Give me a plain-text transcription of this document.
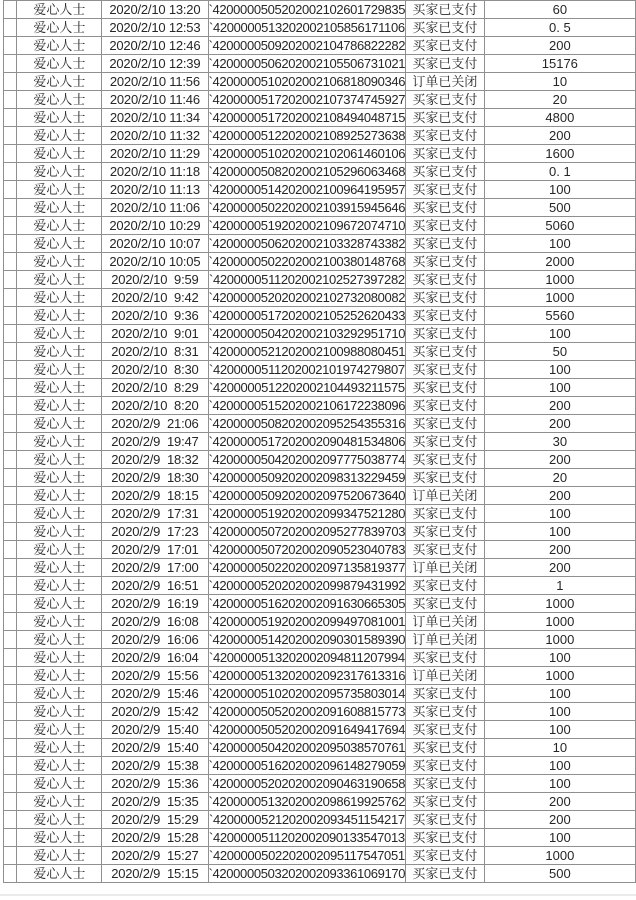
	爱心人士	2020/2/10 13:20	`4200000505202002102601729835	买家已支付	60
	爱心人士	2020/2/10 12:53	`4200000513202002105856171106	买家已支付	0. 5
	爱心人士	2020/2/10 12:46	`4200000509202002104786822282	买家已支付	200
	爱心人士	2020/2/10 12:39	`4200000506202002105506731021	买家已支付	15176
	爱心人士	2020/2/10 11:56	`4200000510202002106818090346	订单已关闭	10
	爱心人士	2020/2/10 11:46	`4200000517202002107374745927	买家已支付	20
	爱心人士	2020/2/10 11:34	`4200000517202002108494048715	买家已支付	4800
	爱心人士	2020/2/10 11:32	`4200000512202002108925273638	买家已支付	200
	爱心人士	2020/2/10 11:29	`4200000510202002102061460106	买家已支付	1600
	爱心人士	2020/2/10 11:18	`4200000508202002105296063468	买家已支付	0. 1
	爱心人士	2020/2/10 11:13	`4200000514202002100964195957	买家已支付	100
	爱心人士	2020/2/10 11:06	`4200000502202002103915945646	买家已支付	500
	爱心人士	2020/2/10 10:29	`4200000519202002109672074710	买家已支付	5060
	爱心人士	2020/2/10 10:07	`4200000506202002103328743382	买家已支付	100
	爱心人士	2020/2/10 10:05	`4200000502202002100380148768	买家已支付	2000
	爱心人士	2020/2/10  9:59	`4200000511202002102527397282	买家已支付	1000
	爱心人士	2020/2/10  9:42	`4200000520202002102732080082	买家已支付	1000
	爱心人士	2020/2/10  9:36	`4200000517202002105252620433	买家已支付	5560
	爱心人士	2020/2/10  9:01	`4200000504202002103292951710	买家已支付	100
	爱心人士	2020/2/10  8:31	`4200000521202002100988080451	买家已支付	50
	爱心人士	2020/2/10  8:30	`4200000511202002101974279807	买家已支付	100
	爱心人士	2020/2/10  8:29	`4200000512202002104493211575	买家已支付	100
	爱心人士	2020/2/10  8:20	`4200000515202002106172238096	买家已支付	200
	爱心人士	2020/2/9  21:06	`4200000508202002095254355316	买家已支付	200
	爱心人士	2020/2/9  19:47	`4200000517202002090481534806	买家已支付	30
	爱心人士	2020/2/9  18:32	`4200000504202002097775038774	买家已支付	200
	爱心人士	2020/2/9  18:30	`4200000509202002098313229459	买家已支付	20
	爱心人士	2020/2/9  18:15	`4200000509202002097520673640	订单已关闭	200
	爱心人士	2020/2/9  17:31	`4200000519202002099347521280	买家已支付	100
	爱心人士	2020/2/9  17:23	`4200000507202002095277839703	买家已支付	100
	爱心人士	2020/2/9  17:01	`4200000507202002090523040783	买家已支付	200
	爱心人士	2020/2/9  17:00	`4200000502202002097135819377	订单已关闭	200
	爱心人士	2020/2/9  16:51	`4200000520202002099879431992	买家已支付	1
	爱心人士	2020/2/9  16:19	`4200000516202002091630665305	买家已支付	1000
	爱心人士	2020/2/9  16:08	`4200000519202002099497081001	订单已关闭	1000
	爱心人士	2020/2/9  16:06	`4200000514202002090301589390	订单已关闭	1000
	爱心人士	2020/2/9  16:04	`4200000513202002094811207994	买家已支付	100
	爱心人士	2020/2/9  15:56	`4200000513202002092317613316	订单已关闭	1000
	爱心人士	2020/2/9  15:46	`4200000510202002095735803014	买家已支付	100
	爱心人士	2020/2/9  15:42	`4200000505202002091608815773	买家已支付	100
	爱心人士	2020/2/9  15:40	`4200000505202002091649417694	买家已支付	100
	爱心人士	2020/2/9  15:40	`4200000504202002095038570761	买家已支付	10
	爱心人士	2020/2/9  15:38	`4200000516202002096148279059	买家已支付	100
	爱心人士	2020/2/9  15:36	`4200000520202002090463190658	买家已支付	100
	爱心人士	2020/2/9  15:35	`4200000513202002098619925762	买家已支付	200
	爱心人士	2020/2/9  15:29	`4200000521202002093451154217	买家已支付	200
	爱心人士	2020/2/9  15:28	`4200000511202002090133547013	买家已支付	100
	爱心人士	2020/2/9  15:27	`4200000502202002095117547051	买家已支付	1000
	爱心人士	2020/2/9  15:15	`4200000503202002093361069170	买家已支付	500
